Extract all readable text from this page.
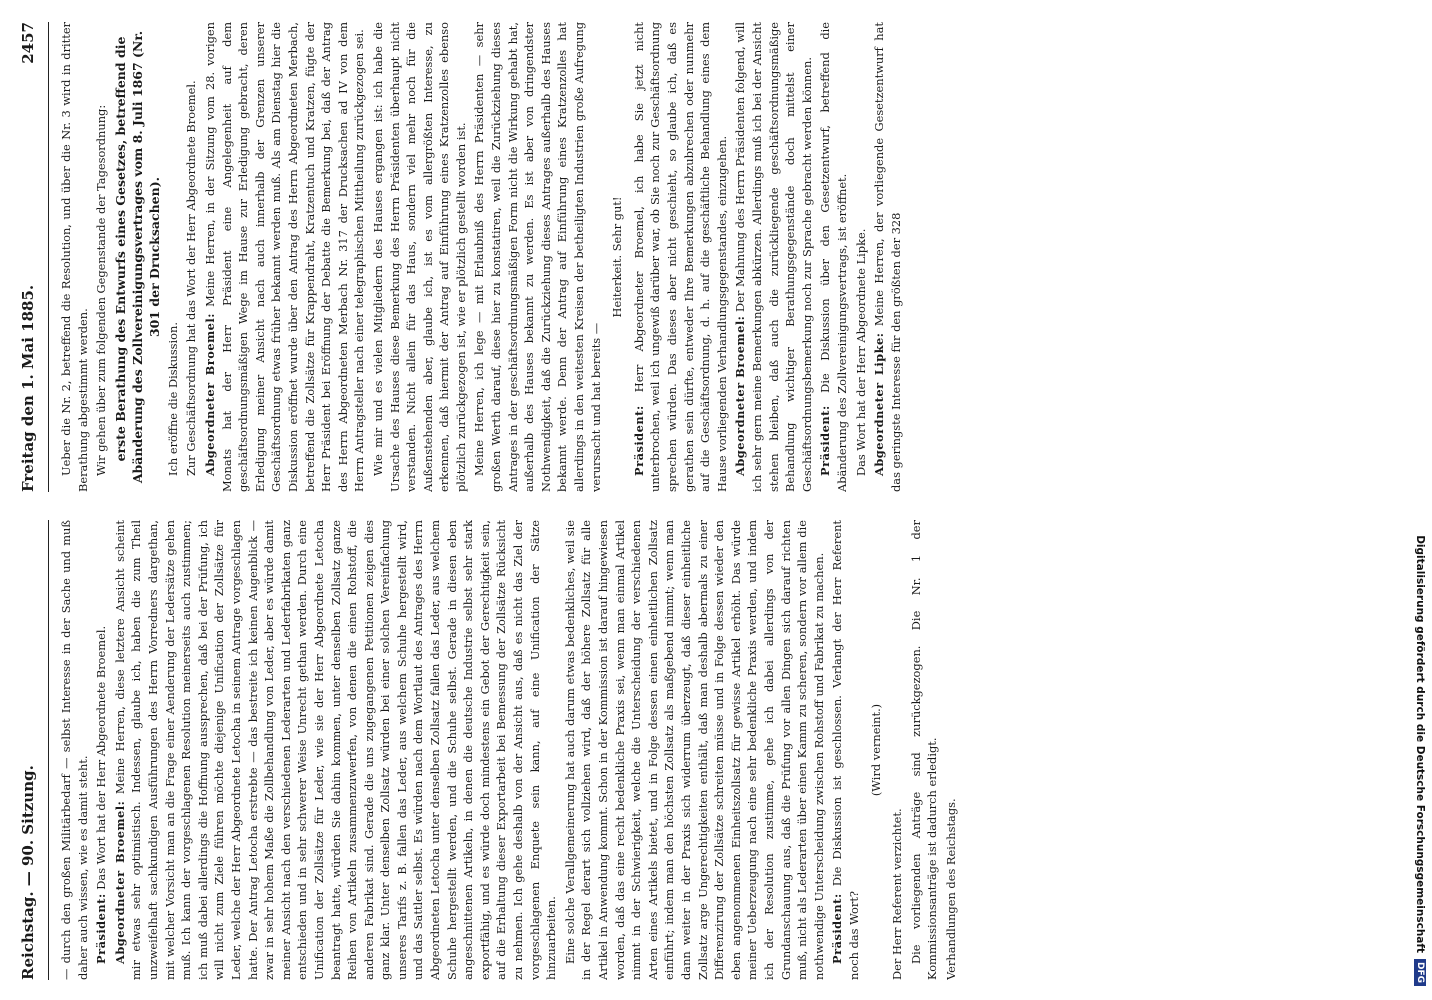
Reichstag. — 90. Sitzung.
Freitag den 1. Mai 1885.
2457

— durch den großen Militärbedarf — selbst Interesse in der Sache und muß daher auch wissen, wie es damit steht. Präsident: Das Wort hat der Herr Abgeordnete Broemel. Abgeordneter Broemel: Meine Herren, diese letztere Ansicht scheint mir etwas sehr optimistisch. Indessen, glaube ich, haben die zum Theil unzweifelhaft sachkundigen Ausführungen des Herrn Vorredners dargethan, mit welcher Vorsicht man an die Frage einer Aenderung der Ledersätze gehen muß. Ich kann der vorgeschlagenen Resolution meinerseits auch zustimmen; ich muß dabei allerdings die Hoffnung aussprechen, daß bei der Prüfung, ich will nicht zum Ziele führen möchte diejenige Unification der Zollsätze für Leder, welche der Herr Abgeordnete Letocha in seinem Antrage vorgeschlagen hatte. Der Antrag Letocha erstrebte — das bestreite ich keinen Augenblick — zwar in sehr hohem Maße die Zollbehandlung von Leder, aber es würde damit meiner Ansicht nach den verschiedenen Lederarten und Lederfabrikaten ganz entschieden und in sehr schwerer Weise Unrecht gethan werden. Durch eine Unification der Zollsätze für Leder, wie sie der Herr Abgeordnete Letocha beantragt hatte, würden Sie dahin kommen, unter denselben Zollsatz ganze Reihen von Artikeln zusammenzuwerfen, von denen die einen Rohstoff, die anderen Fabrikat sind. Gerade die uns zugegangenen Petitionen zeigen dies ganz klar. Unter denselben Zollsatz würden bei einer solchen Vereinfachung unseres Tarifs z. B. fallen das Leder, aus welchem Schuhe hergestellt wird, und das Sattler selbst. Es würden nach dem Wortlaut des Antrages des Herrn Abgeordneten Letocha unter denselben Zollsatz fallen das Leder, aus welchem Schuhe hergestellt werden, und die Schuhe selbst. Gerade in diesen eben angeschnittenen Artikeln, in denen die deutsche Industrie selbst sehr stark exportfähig, und es würde doch mindestens ein Gebot der Gerechtigkeit sein, auf die Erhaltung dieser Exportarbeit bei Bemessung der Zollsätze Rücksicht zu nehmen. Ich gehe deshalb von der Ansicht aus, daß es nicht das Ziel der vorgeschlagenen Enquete sein kann, auf eine Unification der Sätze hinzuarbeiten. Eine solche Verallgemeinerung hat auch darum etwas bedenkliches, weil sie in der Regel derart sich vollziehen wird, daß der höhere Zollsatz für alle Artikel in Anwendung kommt. Schon in der Kommission ist darauf hingewiesen worden, daß das eine recht bedenkliche Praxis sei, wenn man einmal Artikel nimmt in der Schwierigkeit, welche die Unterscheidung der verschiedenen Arten eines Artikels bietet, und in Folge dessen einen einheitlichen Zollsatz einführt; indem man den höchsten Zollsatz als maßgebend nimmt; wenn man dann weiter in der Praxis sich widerrum überzeugt, daß dieser einheitliche Zollsatz arge Ungerechtigkeiten enthält, daß man deshalb abermals zu einer Differenzirung der Zollsätze schreiten müsse und in Folge dessen wieder den eben angenommenen Einheitszollsatz für gewisse Artikel erhöht. Das würde meiner Ueberzeugung nach eine sehr bedenkliche Praxis werden, und indem ich der Resolution zustimme, gehe ich dabei allerdings von der Grundanschauung aus, daß die Prüfung vor allen Dingen sich darauf richten muß, nicht als Lederarten über einen Kamm zu scheren, sondern vor allem die nothwendige Unterscheidung zwischen Rohstoff und Fabrikat zu machen. Präsident: Die Diskussion ist geschlossen. Verlangt der Herr Referent noch das Wort?

(Wird verneint.)

Der Herr Referent verzichtet. Die vorliegenden Anträge sind zurückgezogen. Die Nr. 1 der Kommissionsanträge ist dadurch erledigt. Verhandlungen des Reichstags.

Ueber die Nr. 2, betreffend die Resolution, und über die Nr. 3 wird in dritter Berathung abgestimmt werden. Wir gehen über zum folgenden Gegenstande der Tagesordnung: erste Berathung des Entwurfs eines Gesetzes, betreffend die Abänderung des Zollvereinigungsvertrages vom 8. Juli 1867 (Nr. 301 der Drucksachen).

Ich eröffne die Diskussion. Zur Geschäftsordnung hat das Wort der Herr Abgeordnete Broemel. Abgeordneter Broemel: Meine Herren, in der Sitzung vom 28. vorigen Monats hat der Herr Präsident eine Angelegenheit auf dem geschäftsordnungsmäßigen Wege im Hause zur Erledigung gebracht, deren Erledigung meiner Ansicht nach auch innerhalb der Grenzen unserer Geschäftsordnung etwas früher bekannt werden muß. Als am Dienstag hier die Diskussion eröffnet wurde über den Antrag des Herrn Abgeordneten Merbach, betreffend die Zollsätze für Krappendraht, Kratzentuch und Kratzen, fügte der Herr Präsident bei Eröffnung der Debatte die Bemerkung bei, daß der Antrag des Herrn Abgeordneten Merbach Nr. 317 der Drucksachen ad IV von dem Herrn Antragsteller nach einer telegraphischen Mittheilung zurückgezogen sei. Wie mir und es vielen Mitgliedern des Hauses ergangen ist: ich habe die Ursache des Hauses diese Bemerkung des Herrn Präsidenten überhaupt nicht verstanden. Nicht allein für das Haus, sondern viel mehr noch für die Außenstehenden aber, glaube ich, ist es vom allergrößten Interesse, zu erkennen, daß hiermit der Antrag auf Einführung eines Kratzenzolles ebenso plötzlich zurückgezogen ist, wie er plötzlich gestellt worden ist. Meine Herren, ich lege — mit Erlaubniß des Herrn Präsidenten — sehr großen Werth darauf, diese hier zu konstatiren, weil die Zurückziehung dieses Antrages in der geschäftsordnungsmäßigen Form nicht die Wirkung gehabt hat, außerhalb des Hauses bekannt zu werden. Es ist aber von dringendster Nothwendigkeit, daß die Zurückziehung dieses Antrages außerhalb des Hauses bekannt werde. Denn der Antrag auf Einführung eines Kratzenzolles hat allerdings in den weitesten Kreisen der betheiligten Industrien große Aufregung verursacht und hat bereits —

Heiterkeit. Sehr gut!

Präsident: Herr Abgeordneter Broemel, ich habe Sie jetzt nicht unterbrochen, weil ich ungewiß darüber war, ob Sie noch zur Geschäftsordnung sprechen würden. Das dieses aber nicht geschieht, so glaube ich, daß es gerathen sein dürfte, entweder Ihre Bemerkungen abzubrechen oder nunmehr auf die Geschäftsordnung, d. h. auf die geschäftliche Behandlung eines dem Hause vorliegenden Verhandlungsgegenstandes, einzugehen. Abgeordneter Broemel: Der Mahnung des Herrn Präsidenten folgend, will ich sehr gern meine Bemerkungen abkürzen. Allerdings muß ich bei der Ansicht stehen bleiben, daß auch die zurückliegende geschäftsordnungsmäßige Behandlung wichtiger Berathungsgegenstände doch mittelst einer Geschäftsordnungsbemerkung noch zur Sprache gebracht werden können. Präsident: Die Diskussion über den Gesetzentwurf, betreffend die Abänderung des Zollvereinigungsvertrags, ist eröffnet. Das Wort hat der Herr Abgeordnete Lipke. Abgeordneter Lipke: Meine Herren, der vorliegende Gesetzentwurf hat das geringste Interesse für den größten der 328

Digitalisierung gefördert durch die Deutsche Forschungsgemeinschaft
DFG
